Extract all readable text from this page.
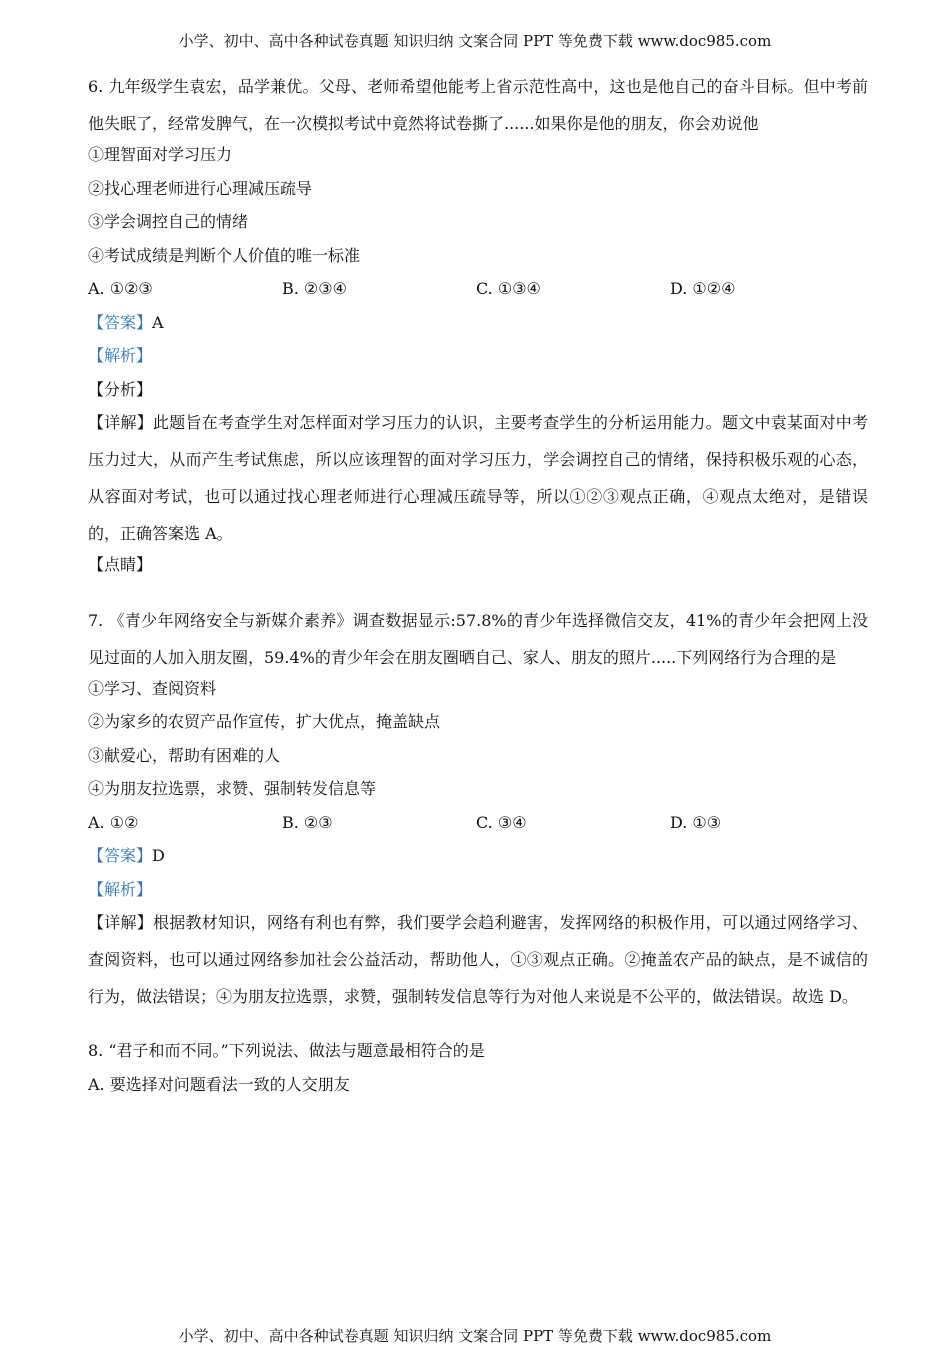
小学、初中、高中各种试卷真题 知识归纳 文案合同 PPT 等免费下载 www.doc985.com

6. 九年级学生袁宏，品学兼优。父母、老师希望他能考上省示范性高中，这也是他自己的奋斗目标。但中考前他失眠了，经常发脾气，在一次模拟考试中竟然将试卷撕了......如果你是他的朋友，你会劝说他

①理智面对学习压力

②找心理老师进行心理减压疏导

③学会调控自己的情绪

④考试成绩是判断个人价值的唯一标准

A. ①②③	B. ②③④	C. ①③④	D. ①②④

【答案】A

【解析】

【分析】

【详解】此题旨在考查学生对怎样面对学习压力的认识，主要考查学生的分析运用能力。题文中袁某面对中考压力过大，从而产生考试焦虑，所以应该理智的面对学习压力，学会调控自己的情绪，保持积极乐观的心态，从容面对考试，也可以通过找心理老师进行心理减压疏导等，所以①②③观点正确，④观点太绝对，是错误的，正确答案选 A。

【点睛】

7. 《青少年网络安全与新媒介素养》调查数据显示:57.8%的青少年选择微信交友，41%的青少年会把网上没见过面的人加入朋友圈，59.4%的青少年会在朋友圈晒自己、家人、朋友的照片.....下列网络行为合理的是

①学习、查阅资料

②为家乡的农贸产品作宣传，扩大优点，掩盖缺点

③献爱心，帮助有困难的人

④为朋友拉选票，求赞、强制转发信息等

A. ①②	B. ②③	C. ③④	D. ①③

【答案】D

【解析】

【详解】根据教材知识，网络有利也有弊，我们要学会趋利避害，发挥网络的积极作用，可以通过网络学习、查阅资料，也可以通过网络参加社会公益活动，帮助他人，①③观点正确。②掩盖农产品的缺点，是不诚信的行为，做法错误；④为朋友拉选票，求赞，强制转发信息等行为对他人来说是不公平的，做法错误。故选 D。

8. “君子和而不同。”下列说法、做法与题意最相符合的是

A. 要选择对问题看法一致的人交朋友

小学、初中、高中各种试卷真题 知识归纳 文案合同 PPT 等免费下载 www.doc985.com
